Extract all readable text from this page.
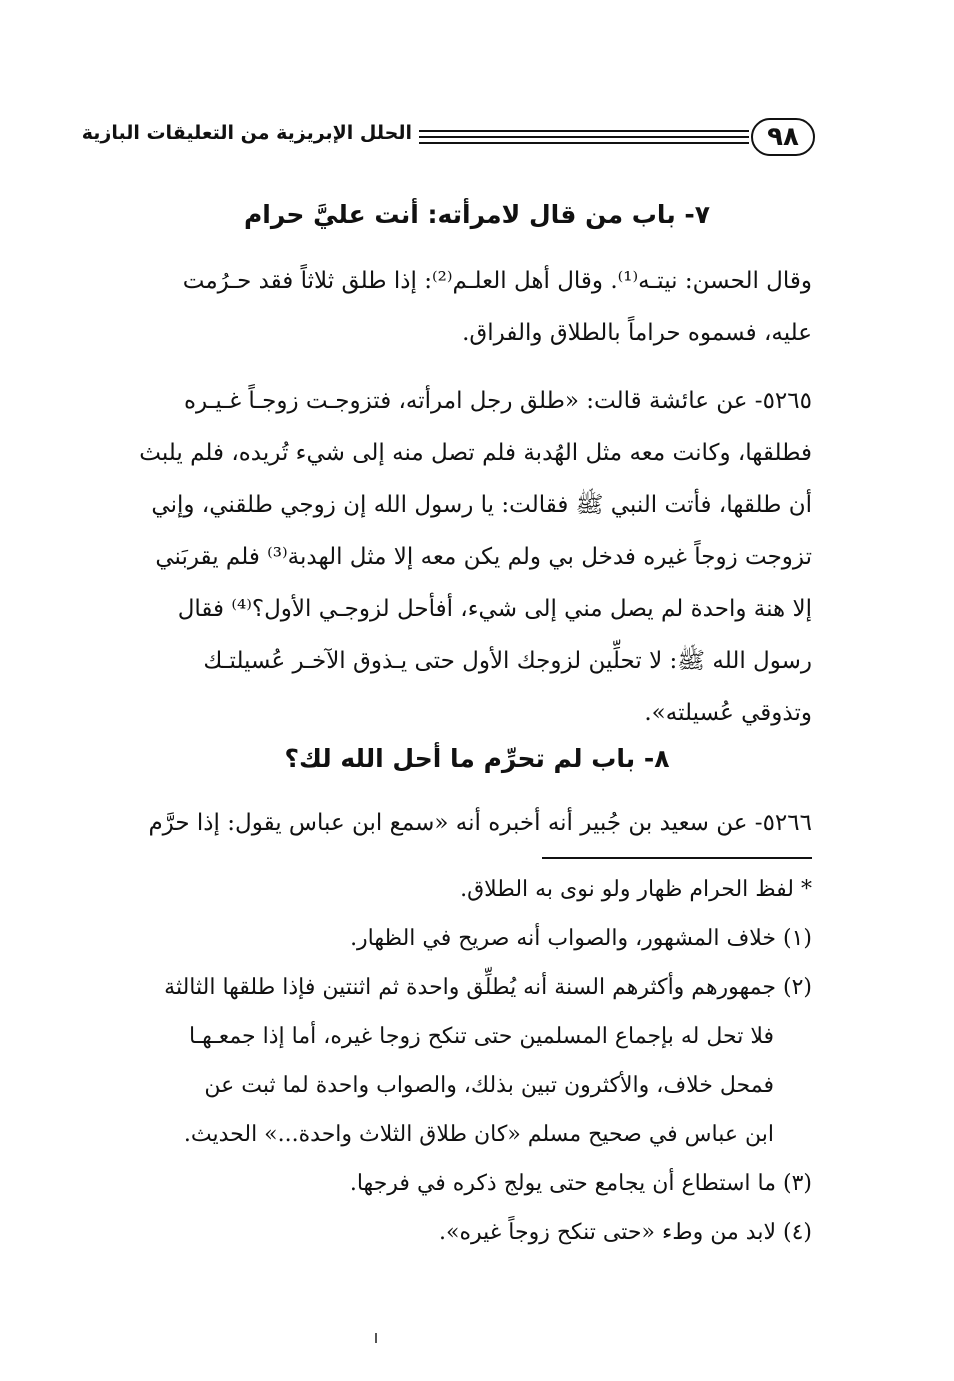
٩٨
الحلل الإبريزية من التعليقات البازية
٧- باب من قال لامرأته: أنت عليَّ حرام
وقال الحسن: نيتـه⁽¹⁾. وقال أهل العلـم⁽²⁾: إذا طلق ثلاثاً فقد حـرُمت
عليه، فسموه حراماً بالطلاق والفراق.
٥٢٦٥- عن عائشة قالت: «طلق رجل امرأته، فتزوجـت زوجـاً غـيـره
فطلقها، وكانت معه مثل الهُدبة فلم تصل منه إلى شيء تُريده، فلم يلبث
أن طلقها، فأتت النبي ﷺ فقالت: يا رسول الله إن زوجي طلقني، وإني
تزوجت زوجاً غيره فدخل بي ولم يكن معه إلا مثل الهدبة⁽³⁾ فلم يقربَني
إلا هنة واحدة لم يصل مني إلى شيء، أفأحل لزوجـي الأول؟⁽⁴⁾ فقال
رسول الله ﷺ: لا تحلِّين لزوجك الأول حتى يـذوق الآخـر عُسيلتـك
وتذوقي عُسيلته».
٨- باب لم تحرِّم ما أحل الله لك؟
٥٢٦٦- عن سعيد بن جُبير أنه أخبره أنه «سمع ابن عباس يقول: إذا حرَّم
* لفظ الحرام ظهار ولو نوى به الطلاق.
(١) خلاف المشهور، والصواب أنه صريح في الظهار.
(٢) جمهورهم وأكثرهم السنة أنه يُطلِّق واحدة ثم اثنتين فإذا طلقها الثالثة
فلا تحل له بإجماع المسلمين حتى تنكح زوجا غيره، أما إذا جمعـهـا
فمحل خلاف، والأكثرون تبين بذلك، والصواب واحدة لما ثبت عن
ابن عباس في صحيح مسلم «كان طلاق الثلاث واحدة...» الحديث.
(٣) ما استطاع أن يجامع حتى يولج ذكره في فرجها.
(٤) لابد من وطء «حتى تنكح زوجاً غيره».
